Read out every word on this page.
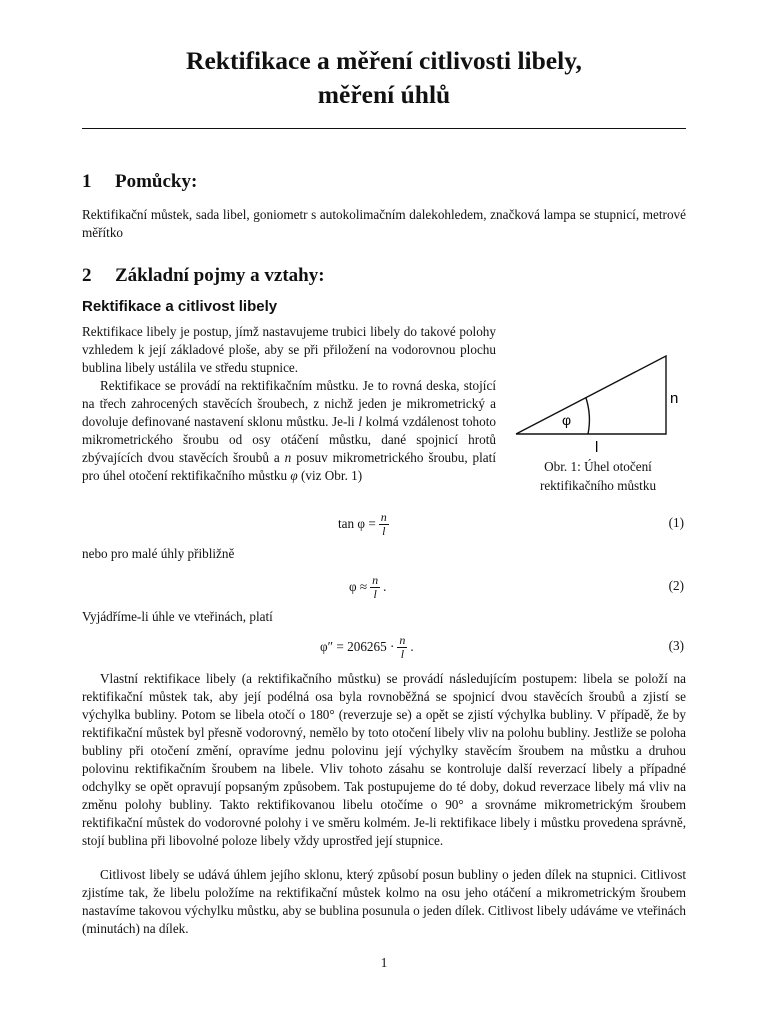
Rektifikace a měření citlivosti libely,
měření úhlů
1 Pomůcky:

Rektifikační můstek, sada libel, goniometr s autokolimačním dalekohledem, značková lampa se stupnicí, metrové měřítko

2 Základní pojmy a vztahy:
Rektifikace a citlivost libely

Rektifikace libely je postup, jímž nastavujeme trubici libely do takové polohy vzhledem k její základové ploše, aby se při přiložení na vodorovnou plochu bublina libely ustálila ve středu stupnice.

Rektifikace se provádí na rektifikačním můstku. Je to rovná deska, stojící na třech zahrocených stavěcích šroubech, z nichž jeden je mikrometrický a dovoluje definované nastavení sklonu můstku. Je-li l kolmá vzdálenost tohoto mikrometrického šroubu od osy otáčení můstku, dané spojnicí hrotů zbývajících dvou stavěcích šroubů a n posuv mikrometrického šroubu, platí pro úhel otočení rektifikačního můstku φ (viz Obr. 1)

φ
n
l
Obr. 1: Úhel otočení
rektifikačního můstku
$\tan \varphi = \frac{n}{l}$	(1)

nebo pro malé úhly přibližně

$\varphi \approx \frac{n}{l}$ .	(2)

Vyjádříme-li úhle ve vteřinách, platí

$\varphi'' = 206265 \cdot \frac{n}{l}$ .	(3)

Vlastní rektifikace libely (a rektifikačního můstku) se provádí následujícím postupem: libela se položí na rektifikační můstek tak, aby její podélná osa byla rovnoběžná se spojnicí dvou stavěcích šroubů a zjistí se výchylka bubliny. Potom se libela otočí o 180° (reverzuje se) a opět se zjistí výchylka bubliny. V případě, že by rektifikační můstek byl přesně vodorovný, nemělo by toto otočení libely vliv na polohu bubliny. Jestliže se poloha bubliny při otočení změní, opravíme jednu polovinu její výchylky stavěcím šroubem na můstku a druhou polovinu rektifikačním šroubem na libele. Vliv tohoto zásahu se kontroluje další reverzací libely a případné odchylky se opět opravují popsaným způsobem. Tak postupujeme do té doby, dokud reverzace libely má vliv na změnu polohy bubliny. Takto rektifikovanou libelu otočíme o 90° a srovnáme mikrometrickým šroubem rektifikační můstek do vodorovné polohy i ve směru kolmém. Je-li rektifikace libely i můstku provedena správně, stojí bublina při libovolné poloze libely vždy uprostřed její stupnice.

Citlivost libely se udává úhlem jejího sklonu, který způsobí posun bubliny o jeden dílek na stupnici. Citlivost zjistíme tak, že libelu položíme na rektifikační můstek kolmo na osu jeho otáčení a mikrometrickým šroubem nastavíme takovou výchylku můstku, aby se bublina posunula o jeden dílek. Citlivost libely udáváme ve vteřinách (minutách) na dílek.

1
